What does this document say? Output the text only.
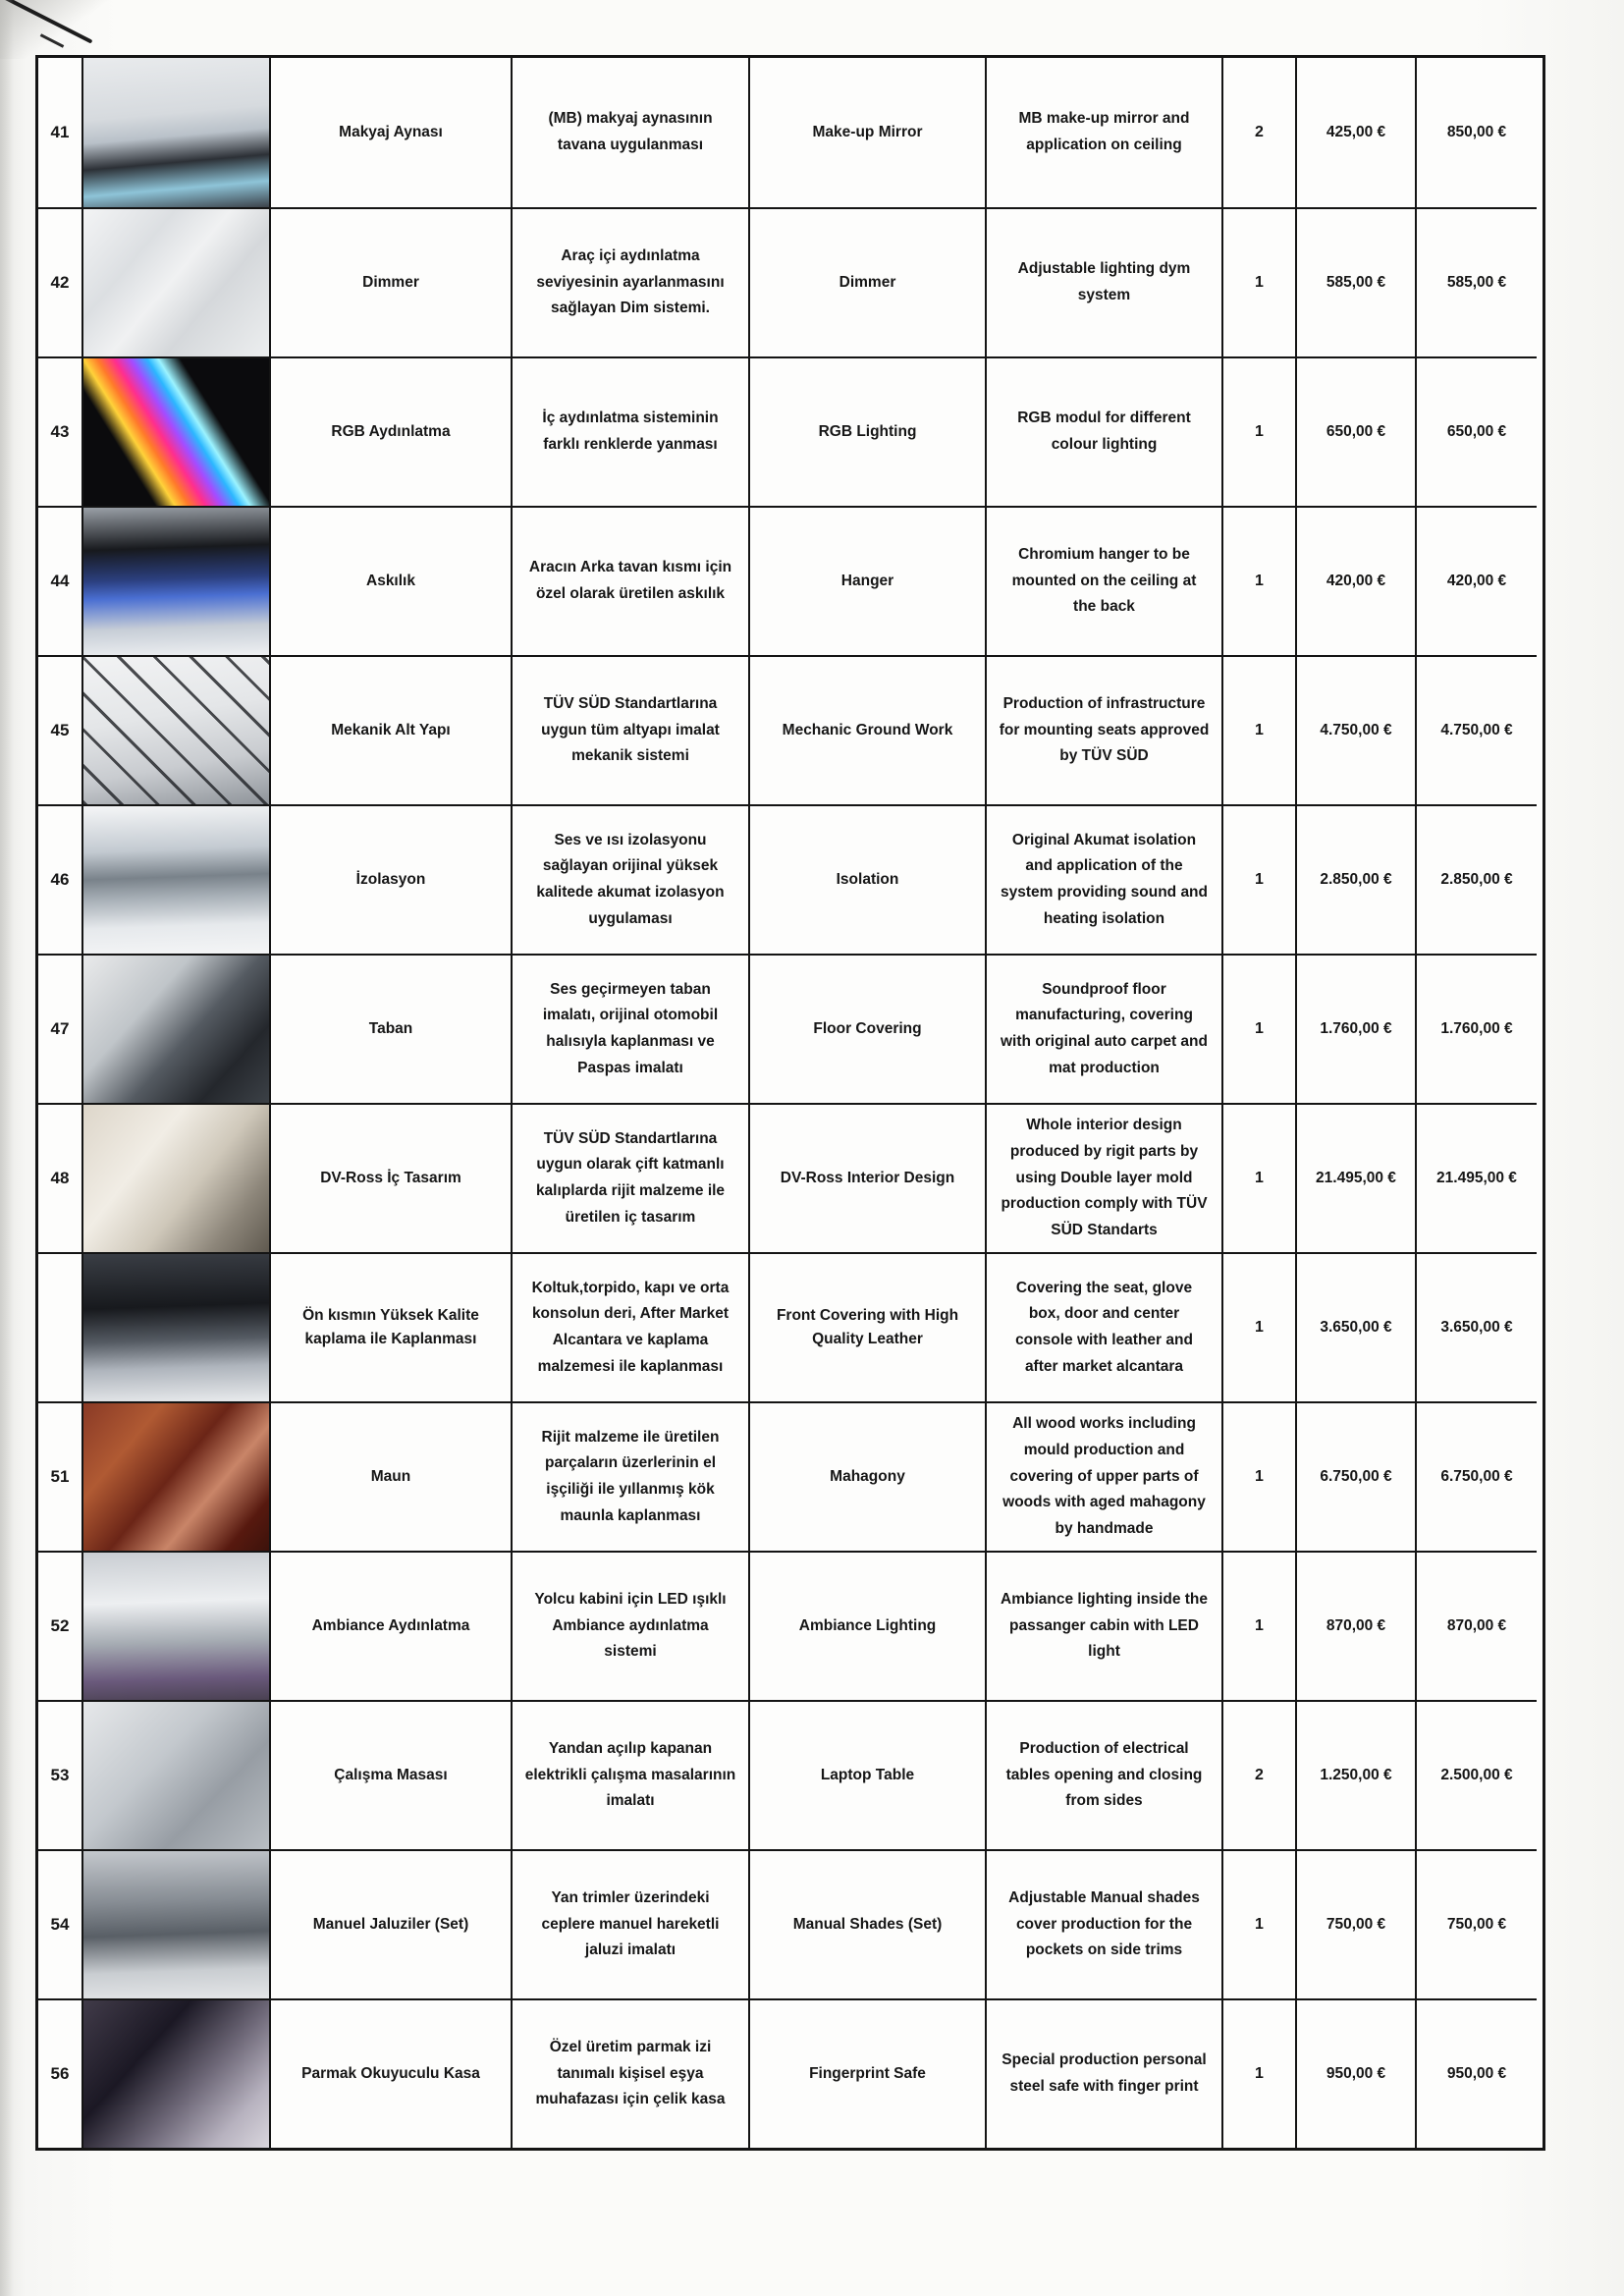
41	Makyaj Aynası
(MB) makyaj aynasının tavana uygulanması
Make-up Mirror
MB make-up mirror and application on ceiling
2	425,00 €	850,00 €
42	Dimmer
Araç içi aydınlatma seviyesinin ayarlanmasını sağlayan Dim sistemi.
Dimmer
Adjustable lighting dym system
1	585,00 €	585,00 €
43	RGB Aydınlatma
İç aydınlatma sisteminin farklı renklerde yanması
RGB Lighting
RGB modul for different colour lighting
1	650,00 €	650,00 €
44	Askılık
Aracın Arka tavan kısmı için özel olarak üretilen askılık
Hanger
Chromium hanger to be mounted on the ceiling at the back
1	420,00 €	420,00 €
45	Mekanik Alt Yapı
TÜV SÜD Standartlarına uygun tüm altyapı imalat mekanik sistemi
Mechanic Ground Work
Production of infrastructure for mounting seats approved by TÜV SÜD
1	4.750,00 €	4.750,00 €
46	İzolasyon
Ses ve ısı izolasyonu sağlayan orijinal yüksek kalitede akumat izolasyon uygulaması
Isolation
Original Akumat isolation and application of the system providing sound and heating isolation
1	2.850,00 €	2.850,00 €
47	Taban
Ses geçirmeyen taban imalatı, orijinal otomobil halısıyla kaplanması ve Paspas imalatı
Floor Covering
Soundproof floor manufacturing, covering with original auto carpet and mat production
1	1.760,00 €	1.760,00 €
48	DV-Ross İç Tasarım
TÜV SÜD Standartlarına uygun olarak çift katmanlı kalıplarda rijit malzeme ile üretilen iç tasarım
DV-Ross Interior Design
Whole interior design produced by rigit parts by using Double layer mold production comply with TÜV SÜD Standarts
1	21.495,00 €	21.495,00 €
Ön kısmın Yüksek Kalite kaplama ile Kaplanması
Koltuk,torpido, kapı ve orta konsolun deri, After Market Alcantara ve kaplama malzemesi ile kaplanması
Front Covering with High Quality Leather
Covering the seat, glove box, door and center console with leather and after market alcantara
1	3.650,00 €	3.650,00 €
51	Maun
Rijit malzeme ile üretilen parçaların üzerlerinin el işçiliği ile yıllanmış kök maunla kaplanması
Mahagony
All wood works including mould production and covering of upper parts of woods with aged mahagony by handmade
1	6.750,00 €	6.750,00 €
52	Ambiance Aydınlatma
Yolcu kabini için LED ışıklı Ambiance aydınlatma sistemi
Ambiance Lighting
Ambiance lighting inside the passanger cabin with LED light
1	870,00 €	870,00 €
53	Çalışma Masası
Yandan açılıp kapanan elektrikli çalışma masalarının imalatı
Laptop Table
Production of electrical tables opening and closing from sides
2	1.250,00 €	2.500,00 €
54	Manuel Jaluziler (Set)
Yan trimler üzerindeki ceplere manuel hareketli jaluzi imalatı
Manual Shades (Set)
Adjustable Manual shades cover production for the pockets on side trims
1	750,00 €	750,00 €
56	Parmak Okuyuculu Kasa
Özel üretim parmak izi tanımalı kişisel eşya muhafazası için çelik kasa
Fingerprint Safe
Special production personal steel safe with finger print
1	950,00 €	950,00 €
